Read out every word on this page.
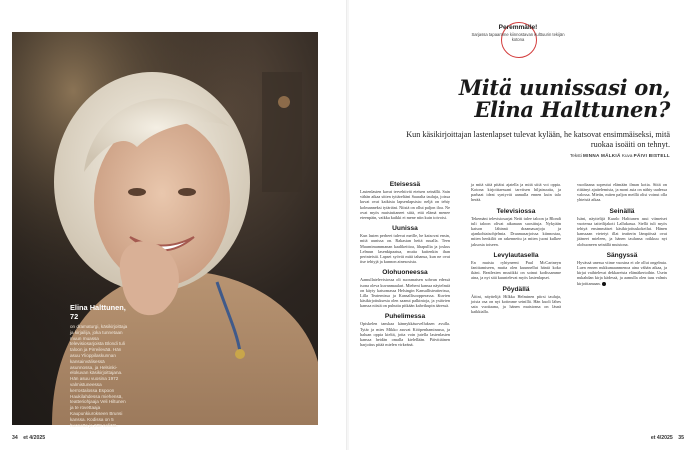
Elina Halttunen, 72
on dramaturgi, käsikirjoittaja ja kirjailija, joka tunnetaan muun muassa televisiosarjoista Blondi tuli taloon ja Pirreilevää. Hän asuu Ylioppilaskunnan kansainvälisessä asunnossa, ja Helsinki-elokuvan käsikirjoittajana. Hän asuu vuosina 1972 valmistuneessa kerrostalossa Espoon Haukilahdessa miehensä, teatteriohjaaja Veli Hiltunen ja te rovettaaja Kaupunkiurokseen Brunsi kanssa. Kodissa on 5 huonetta ja 208 neliötä.
34 et 4/2025
Peremmälle!
Sarjassa tapaamme kiinnostavan kulttuurin tekijän kotona
Mitä uunissasi on,
Elina Halttunen?
Kun käsikirjoittajan lastenlapset tulevat kylään, he katsovat ensimmäiseksi, mitä ruokaa isoäiti on tehnyt.
Teksti MINNA MÄLKIÄ Kuva PÄIVI BISTELL
Eteisessä

Lastenlasten kavat tervehtivät eteisen seinällä. Sain vähän aikaa sitten tyttäreltäni Saaralta tauluja, joissa kuvat ovat kaikista lapsenlapsista: neljä on tehty kolmanneksi tytärtäni. Niistä on ollut paljon iloa. Ne ovat myös muistuttaneet siitä, että elämä menee eteenpäin, vaikka kaikki ei mene niin kuin toivoisi.

Uunissa

Kun lasten perheet tulevat meille, he katsovat ensin, mitä uunissa on. Rakastan heitä ruualla. Teen Muumimammanan kaalikeittoa, lihapullia ja joskus Lelmun lasenkipaatua, mutta kuitenkin ihan perinteistä. Lapset syövät mitä tahansa, kun ne ovat itse tehtyjä ja kunnon ainesosista.

Olohuoneessa

Aamullatelevisiossa oli suoranaisen sohvan edessä isona oleva kuvanmaalari. Mieheni kanssa näytelmiä on käyty katsomassa Helsingin Kansallisteatterissa, Lilla Teaternissa ja Kansallisoopperassa. Kuvien käsikirjoituksesta olen saanut palkintoja, ja ystävien kanssa niistä on puhuttu pitkään kahvikupin ääressä.

Puhelimessa

Opiskelen tanskaa kännykkäsovelluksen avulla. Tytär ja mies Mikko asuvat Kööpenhaminassa, ja haluan oppia kieltä, jotta voin jutella lastenlasten kanssa heidän omalla kielellään. Päivittäinen harjoitus pitää mielen virkeänä.

ja mitä siitä pitäisi ajatella ja mitä siitä voi oppia. Kotona kirjoittaessani tarvitsen hiljaisuutta, ja parhaat ideat syntyvät aamulla ennen kuin talo herää.

Televisiossa

Tekemäni televisiosarjat Neiti tulee taloon ja Blondi tuli taloon olivat aikanaan suosittuja. Nykyään katson lähinnä draamasarjoja ja ajankohtaisohjelmia. Draamasarjoissa kiinnostaa, miten henkilöt on rakennettu ja miten juoni kulkee jaksosta toiseen.

Levylautasella

En muista ryhtyneeni Paul McCartneyn fanittamiseen, mutta olen kuunnellut häntä koko ikäni. Beatlesien musiikki on soinut kodissamme aina, ja nyt sitä kuuntelevat myös lastenlapset.

Pöydällä

Äitini, näyttelijä Hilkka Helminen piirsi tauluja, joista osa on nyt kotimme seinillä. Hän kuoli lähes sata vuotiaana, ja hänen muistonsa on läsnä kaikkialla.

vuodiaana sopeutui elämään ilman kotia. Siitä on riittänyt ajattelemista, ja moni asia on nähty uudessa valossa. Mietin, miten paljon meillä olisi voinut olla yhteistä aikaa.

Seinällä

Isäni, näyttelijä Kaarlo Halttunen asui viimeiset vuotensa taiteilijakoti Lallukassa. Siellä tuli myös tehtyä ensimmäiset käsikirjoituskokeilut. Hänen kanssaan vietetyt illat teatterin lämpiössä ovat jääneet mieleen, ja hänen taulunsa roikkuu nyt olohuoneen seinällä muistona.

Sängyssä

Hyvässä unessa viime vuosina ei ole ollut ongelmia. Luen ennen nukkumaanmenoa aina vähän aikaa, ja kirjat vaihtelevat dekkareista elämäkertoihin. Usein nukahdan kirja kädessä, ja aamulla olen taas valmis kirjoittamaan.

et 4/2025 35
